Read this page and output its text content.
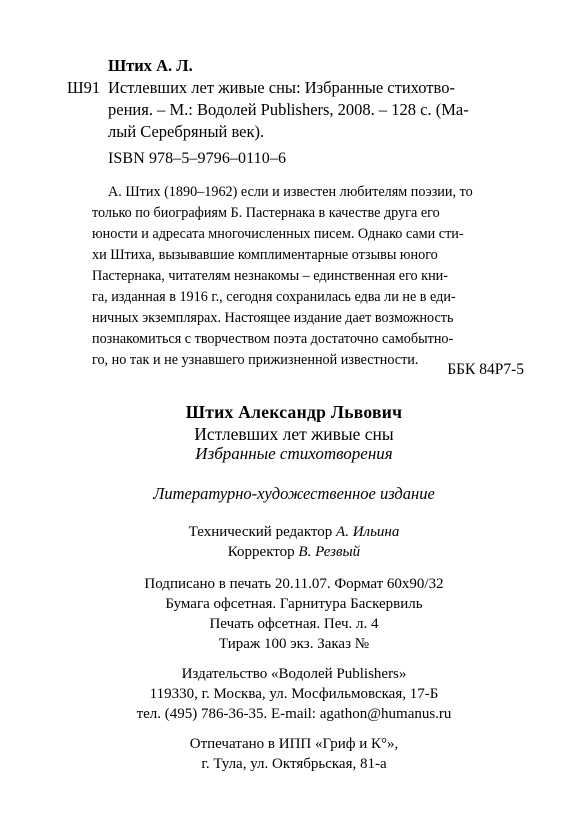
Штих А. Л.
Ш91 Истлевших лет живые сны: Избранные стихотво-
рения. – М.: Водолей Publishers, 2008. – 128 с. (Ма-
лый Серебряный век).
ISBN 978–5–9796–0110–6
А. Штих (1890–1962) если и известен любителям поэзии, то
только по биографиям Б. Пастернака в качестве друга его
юности и адресата многочисленных писем. Однако сами сти-
хи Штиха, вызывавшие комплиментарные отзывы юного
Пастернака, читателям незнакомы – единственная его кни-
га, изданная в 1916 г., сегодня сохранилась едва ли не в еди-
ничных экземплярах. Настоящее издание дает возможность
познакомиться с творчеством поэта достаточно самобытно-
го, но так и не узнавшего прижизненной известности.
ББК 84Р7-5
Штих Александр Львович
Истлевших лет живые сны
Избранные стихотворения
Литературно-художественное издание
Технический редактор А. Ильина
Корректор В. Резвый
Подписано в печать 20.11.07. Формат 60х90/32
Бумага офсетная. Гарнитура Баскервиль
Печать офсетная. Печ. л. 4
Тираж 100 экз. Заказ №
Издательство «Водолей Publishers»
119330, г. Москва, ул. Мосфильмовская, 17-Б
тел. (495) 786-36-35. E-mail: agathon@humanus.ru
Отпечатано в ИПП «Гриф и К°»,
г. Тула, ул. Октябрьская, 81-а
